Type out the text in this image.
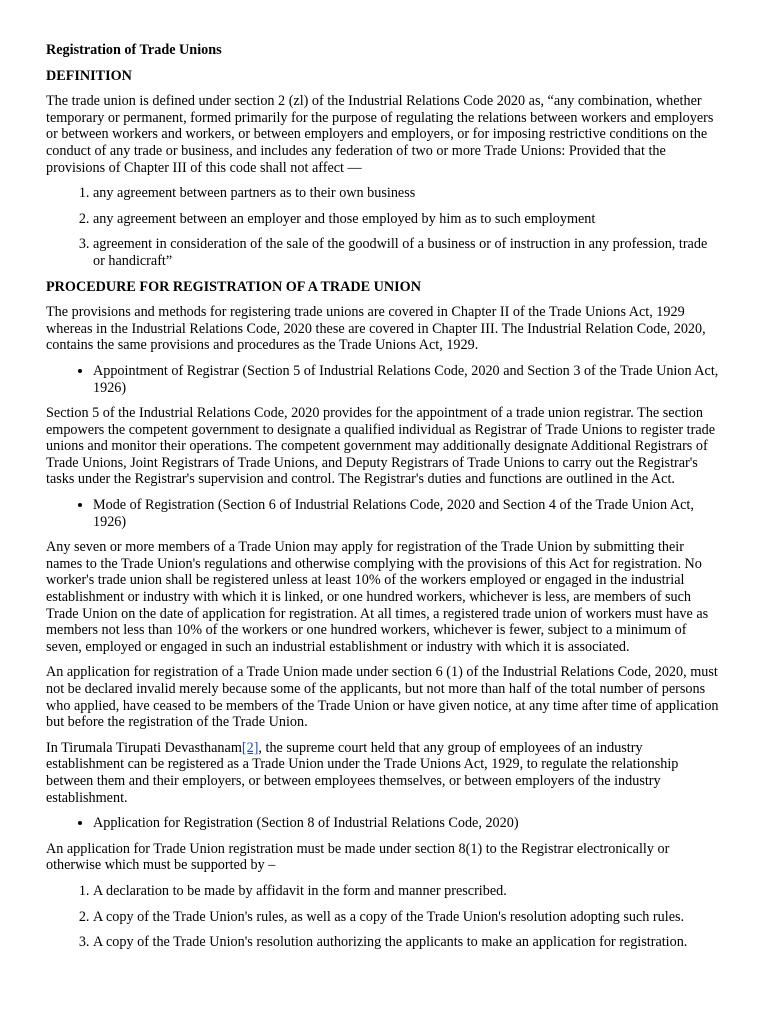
Registration of Trade Unions
DEFINITION

The trade union is defined under section 2 (zl) of the Industrial Relations Code 2020 as, “any combination, whether temporary or permanent, formed primarily for the purpose of regulating the relations between workers and employers or between workers and workers, or between employers and employers, or for imposing restrictive conditions on the conduct of any trade or business, and includes any federation of two or more Trade Unions: Provided that the provisions of Chapter III of this code shall not affect —

1. any agreement between partners as to their own business
2. any agreement between an employer and those employed by him as to such employment
3. agreement in consideration of the sale of the goodwill of a business or of instruction in any profession, trade or handicraft”
PROCEDURE FOR REGISTRATION OF A TRADE UNION

The provisions and methods for registering trade unions are covered in Chapter II of the Trade Unions Act, 1929 whereas in the Industrial Relations Code, 2020 these are covered in Chapter III. The Industrial Relation Code, 2020, contains the same provisions and procedures as the Trade Unions Act, 1929.

• Appointment of Registrar (Section 5 of Industrial Relations Code, 2020 and Section 3 of the Trade Union Act, 1926)

Section 5 of the Industrial Relations Code, 2020 provides for the appointment of a trade union registrar. The section empowers the competent government to designate a qualified individual as Registrar of Trade Unions to register trade unions and monitor their operations. The competent government may additionally designate Additional Registrars of Trade Unions, Joint Registrars of Trade Unions, and Deputy Registrars of Trade Unions to carry out the Registrar's tasks under the Registrar's supervision and control. The Registrar's duties and functions are outlined in the Act.

• Mode of Registration (Section 6 of Industrial Relations Code, 2020 and Section 4 of the Trade Union Act, 1926)

Any seven or more members of a Trade Union may apply for registration of the Trade Union by submitting their names to the Trade Union's regulations and otherwise complying with the provisions of this Act for registration. No worker's trade union shall be registered unless at least 10% of the workers employed or engaged in the industrial establishment or industry with which it is linked, or one hundred workers, whichever is less, are members of such Trade Union on the date of application for registration. At all times, a registered trade union of workers must have as members not less than 10% of the workers or one hundred workers, whichever is fewer, subject to a minimum of seven, employed or engaged in such an industrial establishment or industry with which it is associated.

An application for registration of a Trade Union made under section 6 (1) of the Industrial Relations Code, 2020, must not be declared invalid merely because some of the applicants, but not more than half of the total number of persons who applied, have ceased to be members of the Trade Union or have given notice, at any time after time of application but before the registration of the Trade Union.

In Tirumala Tirupati Devasthanam[2], the supreme court held that any group of employees of an industry establishment can be registered as a Trade Union under the Trade Unions Act, 1929, to regulate the relationship between them and their employers, or between employees themselves, or between employers of the industry establishment.

• Application for Registration (Section 8 of Industrial Relations Code, 2020)

An application for Trade Union registration must be made under section 8(1) to the Registrar electronically or otherwise which must be supported by –

1. A declaration to be made by affidavit in the form and manner prescribed.
2. A copy of the Trade Union's rules, as well as a copy of the Trade Union's resolution adopting such rules.
3. A copy of the Trade Union's resolution authorizing the applicants to make an application for registration.
